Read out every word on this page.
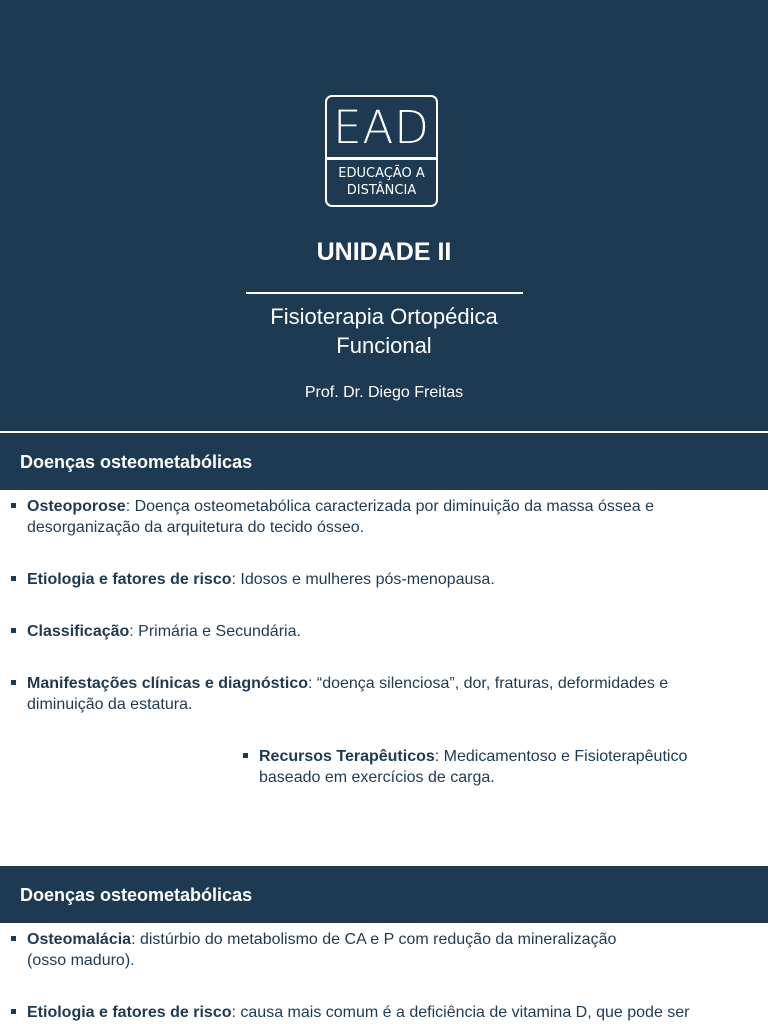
EAD
EDUCAÇÃO A
DISTÂNCIA
UNIDADE II
Fisioterapia Ortopédica
Funcional
Prof. Dr. Diego Freitas
Doenças osteometabólicas
Osteoporose: Doença osteometabólica caracterizada por diminuição da massa óssea e
desorganização da arquitetura do tecido ósseo.
Etiologia e fatores de risco: Idosos e mulheres pós-menopausa.
Classificação: Primária e Secundária.
Manifestações clínicas e diagnóstico: “doença silenciosa”, dor, fraturas, deformidades e
diminuição da estatura.
Recursos Terapêuticos: Medicamentoso e Fisioterapêutico
baseado em exercícios de carga.
Doenças osteometabólicas
Osteomalácia: distúrbio do metabolismo de CA e P com redução da mineralização
(osso maduro).
Etiologia e fatores de risco: causa mais comum é a deficiência de vitamina D, que pode ser
